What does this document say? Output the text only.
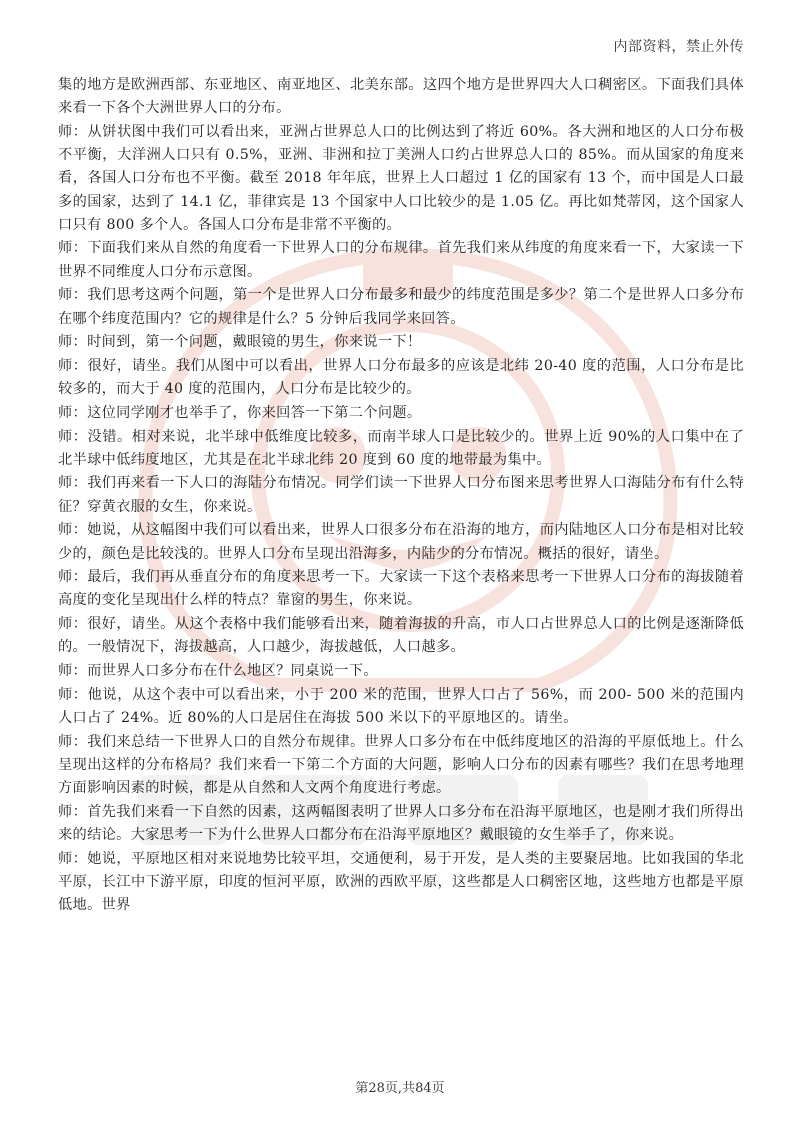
内部资料，禁止外传

集的地方是欧洲西部、东亚地区、南亚地区、北美东部。这四个地方是世界四大人口稠密区。下面我们具体来看一下各个大洲世界人口的分布。

师：从饼状图中我们可以看出来，亚洲占世界总人口的比例达到了将近 60%。各大洲和地区的人口分布极不平衡，大洋洲人口只有 0.5%，亚洲、非洲和拉丁美洲人口约占世界总人口的 85%。而从国家的角度来看，各国人口分布也不平衡。截至 2018 年年底，世界上人口超过 1 亿的国家有 13 个，而中国是人口最多的国家，达到了 14.1 亿，菲律宾是 13 个国家中人口比较少的是 1.05 亿。再比如梵蒂冈，这个国家人口只有 800 多个人。各国人口分布是非常不平衡的。

师：下面我们来从自然的角度看一下世界人口的分布规律。首先我们来从纬度的角度来看一下，大家读一下世界不同维度人口分布示意图。

师：我们思考这两个问题，第一个是世界人口分布最多和最少的纬度范围是多少？第二个是世界人口多分布在哪个纬度范围内？它的规律是什么？5 分钟后我同学来回答。

师：时间到，第一个问题，戴眼镜的男生，你来说一下！

师：很好，请坐。我们从图中可以看出，世界人口分布最多的应该是北纬 20-40 度的范围，人口分布是比较多的，而大于 40 度的范围内，人口分布是比较少的。

师：这位同学刚才也举手了，你来回答一下第二个问题。

师：没错。相对来说，北半球中低维度比较多，而南半球人口是比较少的。世界上近 90%的人口集中在了北半球中低纬度地区，尤其是在北半球北纬 20 度到 60 度的地带最为集中。

师：我们再来看一下人口的海陆分布情况。同学们读一下世界人口分布图来思考世界人口海陆分布有什么特征？穿黄衣服的女生，你来说。

师：她说，从这幅图中我们可以看出来，世界人口很多分布在沿海的地方，而内陆地区人口分布是相对比较少的，颜色是比较浅的。世界人口分布呈现出沿海多，内陆少的分布情况。概括的很好，请坐。

师：最后，我们再从垂直分布的角度来思考一下。大家读一下这个表格来思考一下世界人口分布的海拔随着高度的变化呈现出什么样的特点？靠窗的男生，你来说。

师：很好，请坐。从这个表格中我们能够看出来，随着海拔的升高，市人口占世界总人口的比例是逐渐降低的。一般情况下，海拔越高，人口越少，海拔越低，人口越多。

师：而世界人口多分布在什么地区？同桌说一下。

师：他说，从这个表中可以看出来，小于 200 米的范围，世界人口占了 56%，而 200- 500 米的范围内人口占了 24%。近 80%的人口是居住在海拔 500 米以下的平原地区的。请坐。

师：我们来总结一下世界人口的自然分布规律。世界人口多分布在中低纬度地区的沿海的平原低地上。什么呈现出这样的分布格局？我们来看一下第二个方面的大问题，影响人口分布的因素有哪些？我们在思考地理方面影响因素的时候，都是从自然和人文两个角度进行考虑。

师：首先我们来看一下自然的因素，这两幅图表明了世界人口多分布在沿海平原地区，也是刚才我们所得出来的结论。大家思考一下为什么世界人口都分布在沿海平原地区？戴眼镜的女生举手了，你来说。

师：她说，平原地区相对来说地势比较平坦，交通便利，易于开发，是人类的主要聚居地。比如我国的华北平原，长江中下游平原，印度的恒河平原，欧洲的西欧平原，这些都是人口稠密区地，这些地方也都是平原低地。世界

第28页,共84页
